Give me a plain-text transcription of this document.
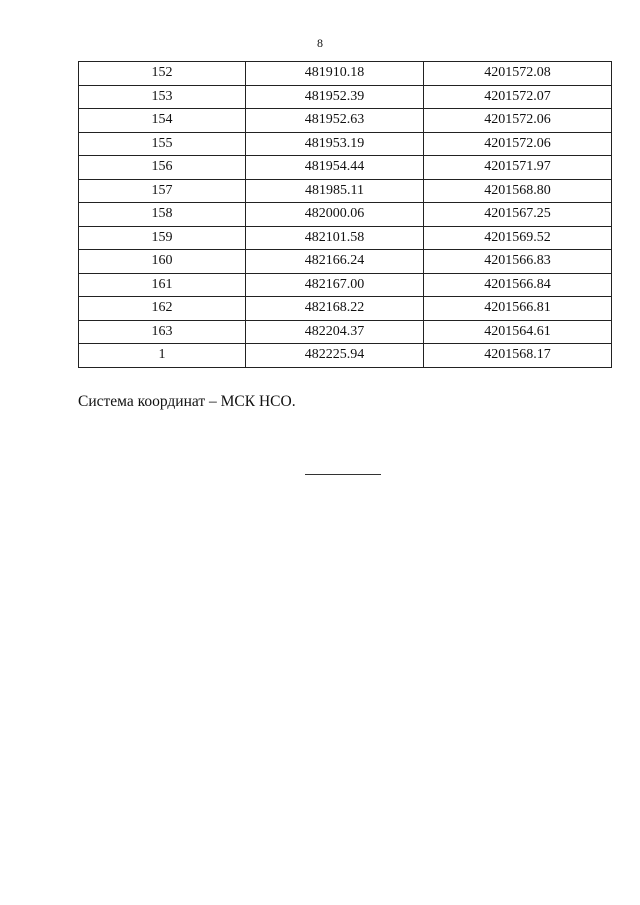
8
152	481910.18	4201572.08
153	481952.39	4201572.07
154	481952.63	4201572.06
155	481953.19	4201572.06
156	481954.44	4201571.97
157	481985.11	4201568.80
158	482000.06	4201567.25
159	482101.58	4201569.52
160	482166.24	4201566.83
161	482167.00	4201566.84
162	482168.22	4201566.81
163	482204.37	4201564.61
1	482225.94	4201568.17
Система координат – МСК НСО.
